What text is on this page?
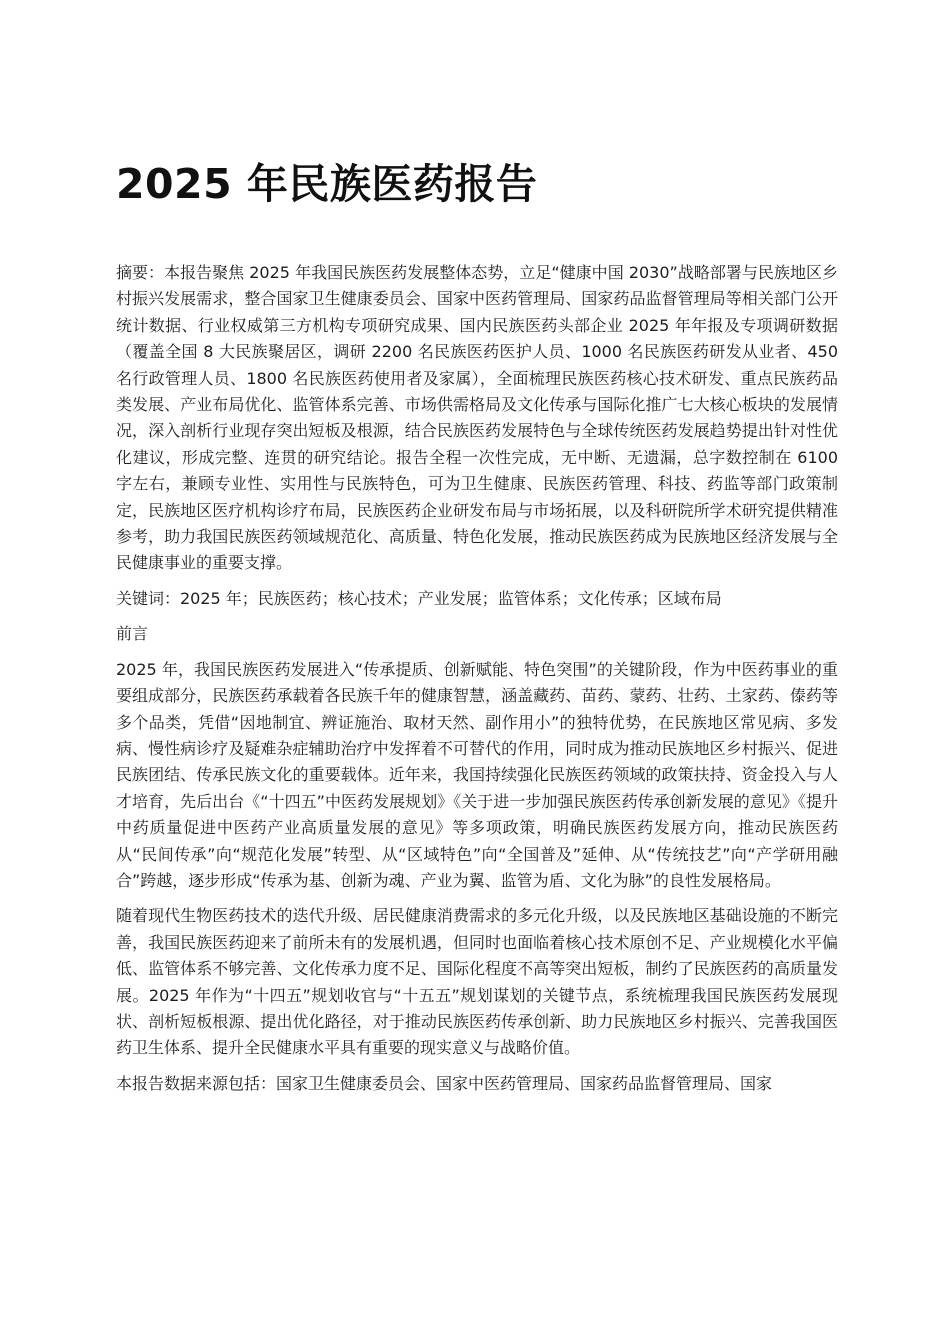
2025 年民族医药报告

摘要：本报告聚焦 2025 年我国民族医药发展整体态势，立足“健康中国 2030”战略部署与民族地区乡村振兴发展需求，整合国家卫生健康委员会、国家中医药管理局、国家药品监督管理局等相关部门公开统计数据、行业权威第三方机构专项研究成果、国内民族医药头部企业 2025 年年报及专项调研数据（覆盖全国 8 大民族聚居区，调研 2200 名民族医药医护人员、1000 名民族医药研发从业者、450 名行政管理人员、1800 名民族医药使用者及家属），全面梳理民族医药核心技术研发、重点民族药品类发展、产业布局优化、监管体系完善、市场供需格局及文化传承与国际化推广七大核心板块的发展情况，深入剖析行业现存突出短板及根源，结合民族医药发展特色与全球传统医药发展趋势提出针对性优化建议，形成完整、连贯的研究结论。报告全程一次性完成，无中断、无遗漏，总字数控制在 6100 字左右，兼顾专业性、实用性与民族特色，可为卫生健康、民族医药管理、科技、药监等部门政策制定，民族地区医疗机构诊疗布局，民族医药企业研发布局与市场拓展，以及科研院所学术研究提供精准参考，助力我国民族医药领域规范化、高质量、特色化发展，推动民族医药成为民族地区经济发展与全民健康事业的重要支撑。

关键词：2025 年；民族医药；核心技术；产业发展；监管体系；文化传承；区域布局

前言

2025 年，我国民族医药发展进入“传承提质、创新赋能、特色突围”的关键阶段，作为中医药事业的重要组成部分，民族医药承载着各民族千年的健康智慧，涵盖藏药、苗药、蒙药、壮药、土家药、傣药等多个品类，凭借“因地制宜、辨证施治、取材天然、副作用小”的独特优势，在民族地区常见病、多发病、慢性病诊疗及疑难杂症辅助治疗中发挥着不可替代的作用，同时成为推动民族地区乡村振兴、促进民族团结、传承民族文化的重要载体。近年来，我国持续强化民族医药领域的政策扶持、资金投入与人才培育，先后出台《“十四五”中医药发展规划》《关于进一步加强民族医药传承创新发展的意见》《提升中药质量促进中医药产业高质量发展的意见》等多项政策，明确民族医药发展方向，推动民族医药从“民间传承”向“规范化发展”转型、从“区域特色”向“全国普及”延伸、从“传统技艺”向“产学研用融合”跨越，逐步形成“传承为基、创新为魂、产业为翼、监管为盾、文化为脉”的良性发展格局。

随着现代生物医药技术的迭代升级、居民健康消费需求的多元化升级，以及民族地区基础设施的不断完善，我国民族医药迎来了前所未有的发展机遇，但同时也面临着核心技术原创不足、产业规模化水平偏低、监管体系不够完善、文化传承力度不足、国际化程度不高等突出短板，制约了民族医药的高质量发展。2025 年作为“十四五”规划收官与“十五五”规划谋划的关键节点，系统梳理我国民族医药发展现状、剖析短板根源、提出优化路径，对于推动民族医药传承创新、助力民族地区乡村振兴、完善我国医药卫生体系、提升全民健康水平具有重要的现实意义与战略价值。

本报告数据来源包括：国家卫生健康委员会、国家中医药管理局、国家药品监督管理局、国家
